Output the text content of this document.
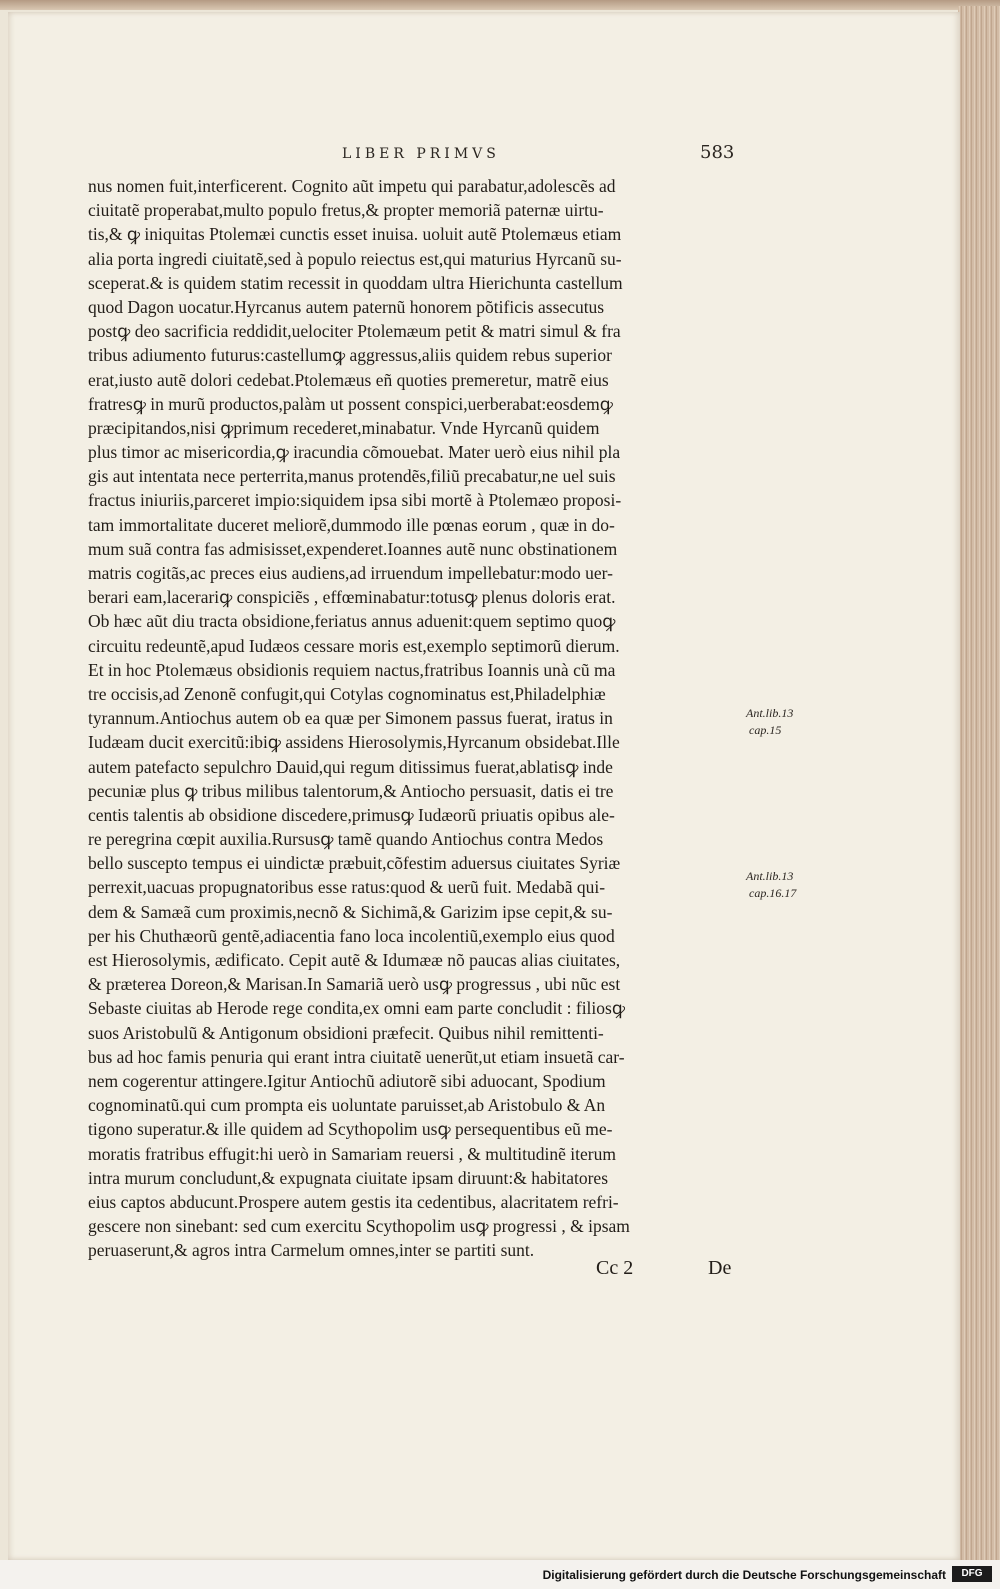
LIBER PRIMVS	583
nus nomen fuit,interficerent. Cognito aũt impetu qui parabatur,adolescẽs ad
ciuitatẽ properabat,multo populo fretus,& propter memoriã paternæ uirtu-
tis,& ꝙ iniquitas Ptolemæi cunctis esset inuisa. uoluit autẽ Ptolemæus etiam
alia porta ingredi ciuitatẽ,sed à populo reiectus est,qui maturius Hyrcanũ su-
sceperat.& is quidem statim recessit in quoddam ultra Hierichunta castellum
quod Dagon uocatur.Hyrcanus autem paternũ honorem põtificis assecutus
postꝙ deo sacrificia reddidit,uelociter Ptolemæum petit & matri simul & fra
tribus adiumento futurus:castellumꝙ aggressus,aliis quidem rebus superior
erat,iusto autẽ dolori cedebat.Ptolemæus eñ quoties premeretur, matrẽ eius
fratresꝙ in murũ productos,palàm ut possent conspici,uerberabat:eosdemꝙ
præcipitandos,nisi ꝙprimum recederet,minabatur. Vnde Hyrcanũ quidem
plus timor ac misericordia,ꝙ iracundia cõmouebat. Mater uerò eius nihil pla
gis aut intentata nece perterrita,manus protendẽs,filiũ precabatur,ne uel suis
fractus iniuriis,parceret impio:siquidem ipsa sibi mortẽ à Ptolemæo proposi-
tam immortalitate duceret meliorẽ,dummodo ille pœnas eorum , quæ in do-
mum suã contra fas admisisset,expenderet.Ioannes autẽ nunc obstinationem
matris cogitãs,ac preces eius audiens,ad irruendum impellebatur:modo uer-
berari eam,lacerariꝙ conspiciẽs , effœminabatur:totusꝙ plenus doloris erat.
Ob hæc aũt diu tracta obsidione,feriatus annus aduenit:quem septimo quoꝙ
circuitu redeuntẽ,apud Iudæos cessare moris est,exemplo septimorũ dierum.
Et in hoc Ptolemæus obsidionis requiem nactus,fratribus Ioannis unà cũ ma
tre occisis,ad Zenonẽ confugit,qui Cotylas cognominatus est,Philadelphiæ
tyrannum.Antiochus autem ob ea quæ per Simonem passus fuerat, iratus in
Iudæam ducit exercitũ:ibiꝙ assidens Hierosolymis,Hyrcanum obsidebat.Ille
autem patefacto sepulchro Dauid,qui regum ditissimus fuerat,ablatisꝙ inde
pecuniæ plus ꝙ tribus milibus talentorum,& Antiocho persuasit, datis ei tre
centis talentis ab obsidione discedere,primusꝙ Iudæorũ priuatis opibus ale-
re peregrina cœpit auxilia.Rursusꝙ tamẽ quando Antiochus contra Medos
bello suscepto tempus ei uindictæ præbuit,cõfestim aduersus ciuitates Syriæ
perrexit,uacuas propugnatoribus esse ratus:quod & uerũ fuit. Medabã qui-
dem & Samæã cum proximis,necnõ & Sichimã,& Garizim ipse cepit,& su-
per his Chuthæorũ gentẽ,adiacentia fano loca incolentiũ,exemplo eius quod
est Hierosolymis, ædificato. Cepit autẽ & Idumææ nõ paucas alias ciuitates,
& præterea Doreon,& Marisan.In Samariã uerò usꝙ progressus , ubi nũc est
Sebaste ciuitas ab Herode rege condita,ex omni eam parte concludit : filiosꝙ
suos Aristobulũ & Antigonum obsidioni præfecit. Quibus nihil remittenti-
bus ad hoc famis penuria qui erant intra ciuitatẽ uenerũt,ut etiam insuetã car-
nem cogerentur attingere.Igitur Antiochũ adiutorẽ sibi aduocant, Spodium
cognominatũ.qui cum prompta eis uoluntate paruisset,ab Aristobulo & An
tigono superatur.& ille quidem ad Scythopolim usꝙ persequentibus eũ me-
moratis fratribus effugit:hi uerò in Samariam reuersi , & multitudinẽ iterum
intra murum concludunt,& expugnata ciuitate ipsam diruunt:& habitatores
eius captos abducunt.Prospere autem gestis ita cedentibus, alacritatem refri-
gescere non sinebant: sed cum exercitu Scythopolim usꝙ progressi , & ipsam
peruaserunt,& agros intra Carmelum omnes,inter se partiti sunt.
Ant.lib.13
cap.15
Ant.lib.13
cap.16.17
Cc 2	De
Digitalisierung gefördert durch die Deutsche Forschungsgemeinschaft	DFG
